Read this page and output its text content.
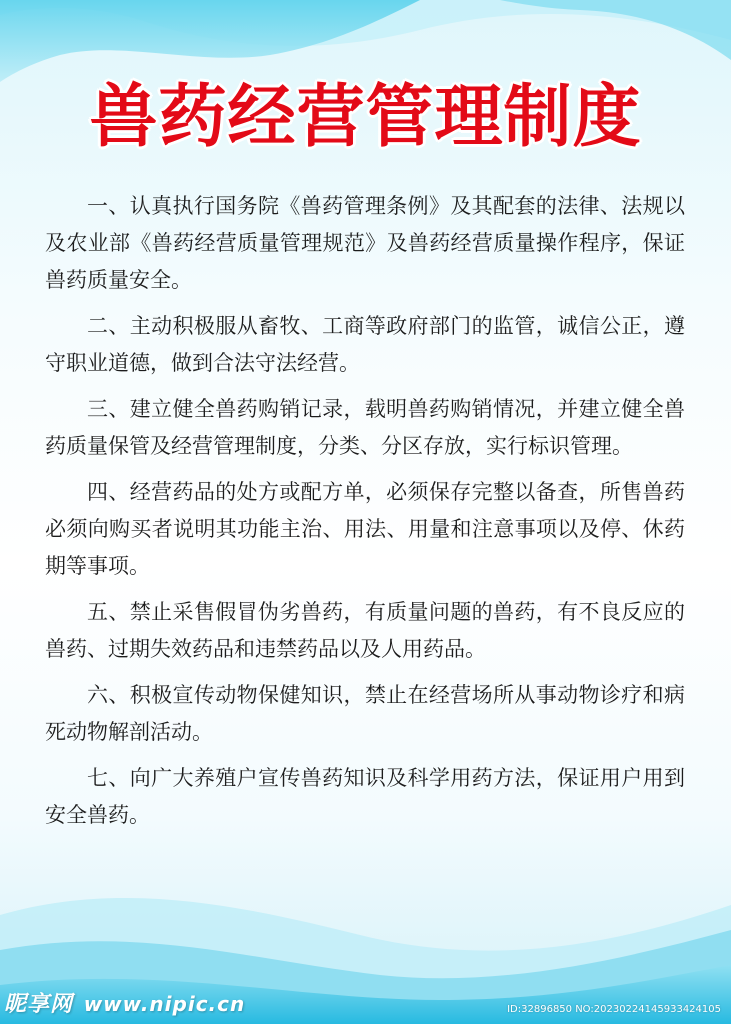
兽药经营管理制度

一、认真执行国务院《兽药管理条例》及其配套的法律、法规以及农业部《兽药经营质量管理规范》及兽药经营质量操作程序，保证兽药质量安全。

二、主动积极服从畜牧、工商等政府部门的监管，诚信公正，遵守职业道德，做到合法守法经营。

三、建立健全兽药购销记录，载明兽药购销情况，并建立健全兽药质量保管及经营管理制度，分类、分区存放，实行标识管理。

四、经营药品的处方或配方单，必须保存完整以备查，所售兽药必须向购买者说明其功能主治、用法、用量和注意事项以及停、休药期等事项。

五、禁止采售假冒伪劣兽药，有质量问题的兽药，有不良反应的兽药、过期失效药品和违禁药品以及人用药品。

六、积极宣传动物保健知识，禁止在经营场所从事动物诊疗和病死动物解剖活动。

七、向广大养殖户宣传兽药知识及科学用药方法，保证用户用到安全兽药。

昵享网 www.nipic.cn	ID:32896850 NO:20230224145933424105
